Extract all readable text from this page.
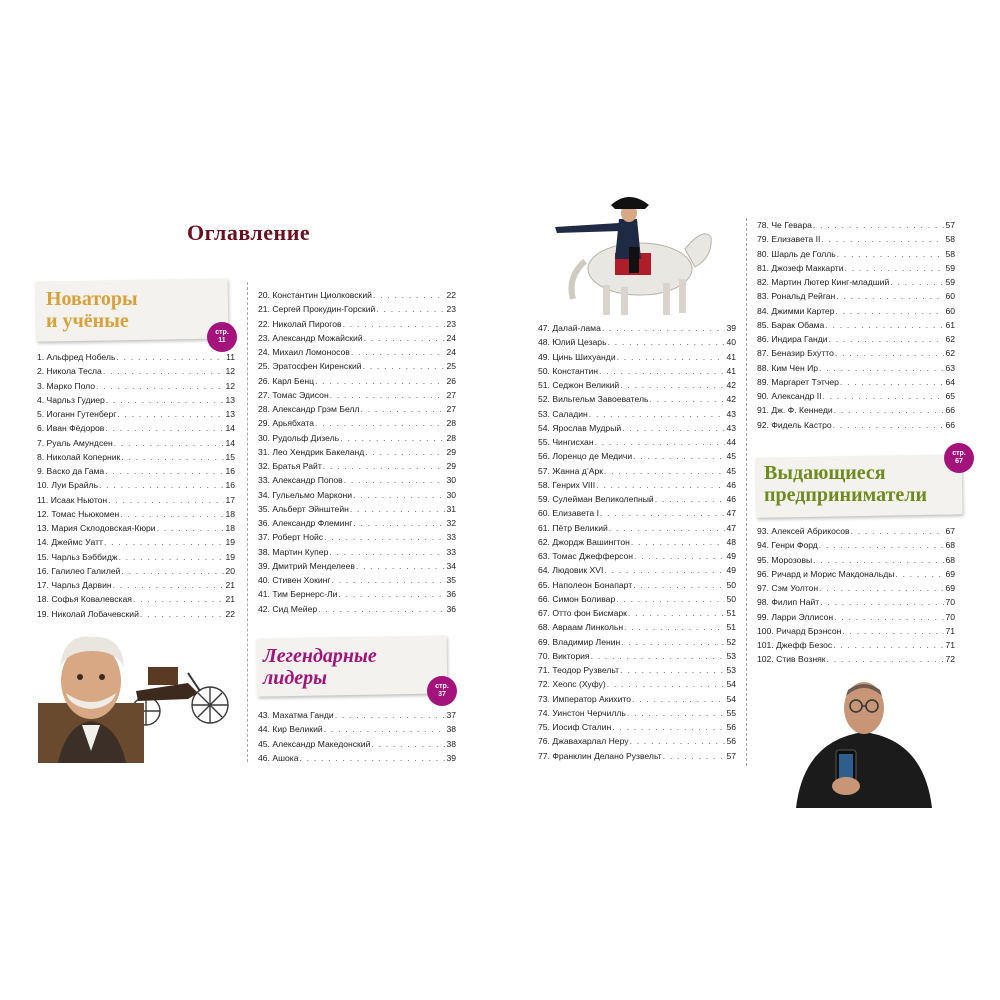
Оглавление
Новаторы
и учёные
стр.
11
1. Альфред Нобель . . .	11
2. Никола Тесла . . .	12
3. Марко Поло . . .	12
4. Чарльз Гудиер . . .	13
5. Иоганн Гутенберг . . .	13
6. Иван Фёдоров . . .	14
7. Руаль Амундсен . . .	14
8. Николай Коперник . . .	15
9. Васко да Гама . . .	16
10. Луи Брайль . . .	16
11. Исаак Ньютон . . .	17
12. Томас Ньюкомен . . .	18
13. Мария Склодовская-Кюри . . .	18
14. Джеймс Уатт . . .	19
15. Чарльз Бэббидж . . .	19
16. Галилео Галилей . . .	20
17. Чарльз Дарвин . . .	21
18. Софья Ковалевская . . .	21
19. Николай Лобачевский . . .	22
20. Константин Циолковский . . .	22
21. Сергей Прокудин-Горский . . .	23
22. Николай Пирогов . . .	23
23. Александр Можайский . . .	24
24. Михаил Ломоносов . . .	24
25. Эратосфен Киренский . . .	25
26. Карл Бенц . . .	26
27. Томас Эдисон . . .	27
28. Александр Грэм Белл . . .	27
29. Арьябхата . . .	28
30. Рудольф Дизель . . .	28
31. Лео Хендрик Бакеланд . . .	29
32. Братья Райт . . .	29
33. Александр Попов . . .	30
34. Гульельмо Маркони . . .	30
35. Альберт Эйнштейн . . .	31
36. Александр Флеминг . . .	32
37. Роберт Нойс . . .	33
38. Мартин Купер . . .	33
39. Дмитрий Менделеев . . .	34
40. Стивен Хокинг . . .	35
41. Тим Бернерс-Ли . . .	36
42. Сид Мейер . . .	36
Легендарные
лидеры	стр.
37
43. Махатма Ганди . . .	37
44. Кир Великий . . .	38
45. Александр Македонский . . .	38
46. Ашока . . .	39
47. Далай-лама . . .	39
48. Юлий Цезарь . . .	40
49. Цинь Шихуанди . . .	41
50. Константин . . .	41
51. Седжон Великий . . .	42
52. Вильгельм Завоеватель . . .	42
53. Саладин . . .	43
54. Ярослав Мудрый . . .	43
55. Чингисхан . . .	44
56. Лоренцо де Медичи . . .	45
57. Жанна д’Арк . . .	45
58. Генрих VIII . . .	46
59. Сулейман Великолепный . . .	46
60. Елизавета I . . .	47
61. Пётр Великий . . .	47
62. Джордж Вашингтон . . .	48
63. Томас Джефферсон . . .	49
64. Людовик XVI . . .	49
65. Наполеон Бонапарт . . .	50
66. Симон Боливар . . .	50
67. Отто фон Бисмарк . . .	51
68. Авраам Линкольн . . .	51
69. Владимир Ленин . . .	52
70. Виктория . . .	53
71. Теодор Рузвельт . . .	53
72. Хеопс (Хуфу) . . .	54
73. Император Акихито . . .	54
74. Уинстон Черчилль . . .	55
75. Иосиф Сталин . . .	56
76. Джавахарлал Неру . . .	56
77. Франклин Делано Рузвельт . . .	57
78. Че Гевара . . .	57
79. Елизавета II . . .	58
80. Шарль де Голль . . .	58
81. Джозеф Маккарти . . .	59
82. Мартин Лютер Кинг-младший . . .	59
83. Рональд Рейган . . .	60
84. Джимми Картер . . .	60
85. Барак Обама . . .	61
86. Индира Ганди . . .	62
87. Беназир Бхутто . . .	62
88. Ким Чен Ир . . .	63
89. Маргарет Тэтчер . . .	64
90. Александр II . . .	65
91. Дж. Ф. Кеннеди . . .	66
92. Фидель Кастро . . .	66
Выдающиеся
предприниматели
стр.
67
93. Алексей Абрикосов . . .	67
94. Генри Форд . . .	68
95. Морозовы . . .	68
96. Ричард и Морис Макдональды . . .	69
97. Сэм Уолтон . . .	69
98. Филип Найт . . .	70
99. Ларри Эллисон . . .	70
100. Ричард Брэнсон . . .	71
101. Джефф Безос . . .	71
102. Стив Возняк . . .	72
